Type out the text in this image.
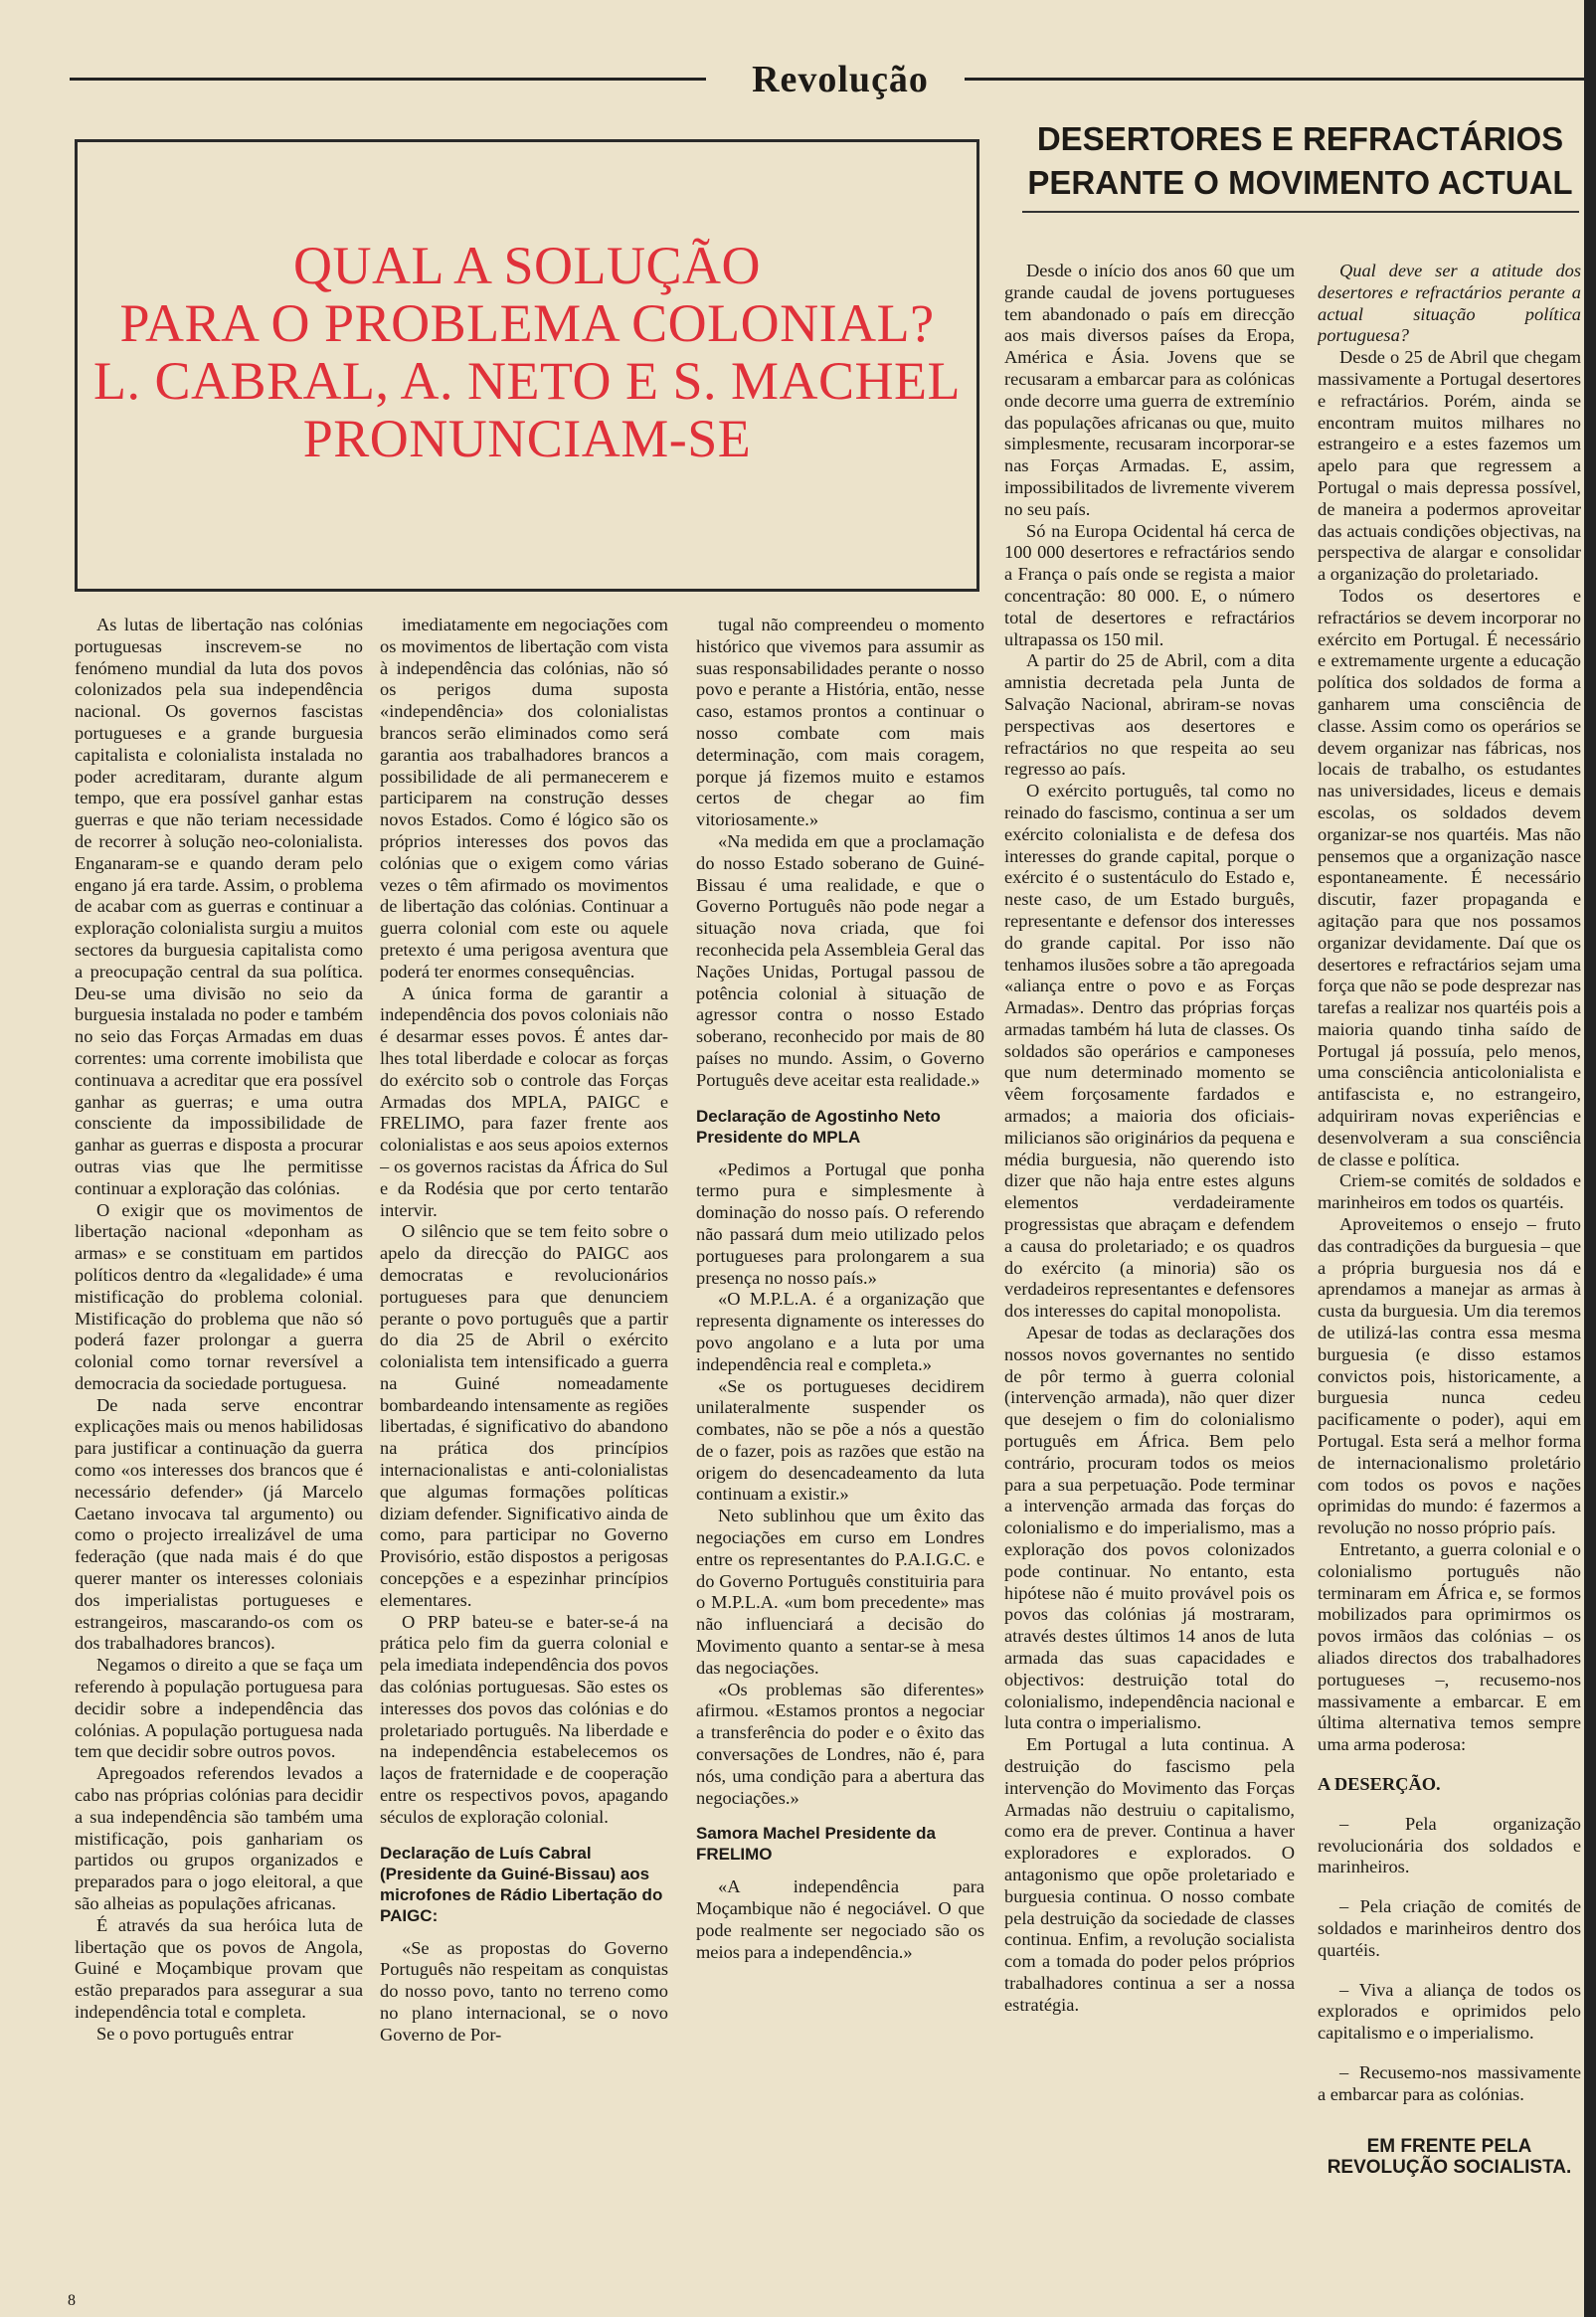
Revolução
QUAL A SOLUÇÃO
PARA O PROBLEMA COLONIAL?
L. CABRAL, A. NETO E S. MACHEL
PRONUNCIAM-SE
DESERTORES E REFRACTÁRIOS
PERANTE O MOVIMENTO ACTUAL

As lutas de libertação nas colónias portuguesas inscrevem-se no fenómeno mundial da luta dos povos colonizados pela sua independência nacional. Os governos fascistas portugueses e a grande burguesia capitalista e colonialista instalada no poder acreditaram, durante algum tempo, que era possível ganhar estas guerras e que não teriam necessidade de recorrer à solução neo-colonialista. Enganaram-se e quando deram pelo engano já era tarde. Assim, o problema de acabar com as guerras e continuar a exploração colonialista surgiu a muitos sectores da burguesia capitalista como a preocupação central da sua política. Deu-se uma divisão no seio da burguesia instalada no poder e também no seio das Forças Armadas em duas correntes: uma corrente imobilista que continuava a acreditar que era possível ganhar as guerras; e uma outra consciente da impossibilidade de ganhar as guerras e disposta a procurar outras vias que lhe permitisse continuar a exploração das colónias.

O exigir que os movimentos de libertação nacional «deponham as armas» e se constituam em partidos políticos dentro da «legalidade» é uma mistificação do problema colonial. Mistificação do problema que não só poderá fazer prolongar a guerra colonial como tornar reversível a democracia da sociedade portuguesa.

De nada serve encontrar explicações mais ou menos habilidosas para justificar a continuação da guerra como «os interesses dos brancos que é necessário defender» (já Marcelo Caetano invocava tal argumento) ou como o projecto irrealizável de uma federação (que nada mais é do que querer manter os interesses coloniais dos imperialistas portugueses e estrangeiros, mascarando-os com os dos trabalhadores brancos).

Negamos o direito a que se faça um referendo à população portuguesa para decidir sobre a independência das colónias. A população portuguesa nada tem que decidir sobre outros povos.

Apregoados referendos levados a cabo nas próprias colónias para decidir a sua independência são também uma mistificação, pois ganhariam os partidos ou grupos organizados e preparados para o jogo eleitoral, a que são alheias as populações africanas.

É através da sua heróica luta de libertação que os povos de Angola, Guiné e Moçambique provam que estão preparados para assegurar a sua independência total e completa.

Se o povo português entrar

imediatamente em negociações com os movimentos de libertação com vista à independência das colónias, não só os perigos duma suposta «independência» dos colonialistas brancos serão eliminados como será garantia aos trabalhadores brancos a possibilidade de ali permanecerem e participarem na construção desses novos Estados. Como é lógico são os próprios interesses dos povos das colónias que o exigem como várias vezes o têm afirmado os movimentos de libertação das colónias. Continuar a guerra colonial com este ou aquele pretexto é uma perigosa aventura que poderá ter enormes consequências.

A única forma de garantir a independência dos povos coloniais não é desarmar esses povos. É antes dar-lhes total liberdade e colocar as forças do exército sob o controle das Forças Armadas dos MPLA, PAIGC e FRELIMO, para fazer frente aos colonialistas e aos seus apoios externos – os governos racistas da África do Sul e da Rodésia que por certo tentarão intervir.

O silêncio que se tem feito sobre o apelo da direcção do PAIGC aos democratas e revolucionários portugueses para que denunciem perante o povo português que a partir do dia 25 de Abril o exército colonialista tem intensificado a guerra na Guiné nomeadamente bombardeando intensamente as regiões libertadas, é significativo do abandono na prática dos princípios internacionalistas e anti-colonialistas que algumas formações políticas diziam defender. Significativo ainda de como, para participar no Governo Provisório, estão dispostos a perigosas concepções e a espezinhar princípios elementares.

O PRP bateu-se e bater-se-á na prática pelo fim da guerra colonial e pela imediata independência dos povos das colónias portuguesas. São estes os interesses dos povos das colónias e do proletariado português. Na liberdade e na independência estabelecemos os laços de fraternidade e de cooperação entre os respectivos povos, apagando séculos de exploração colonial.

Declaração de Luís Cabral (Presidente da Guiné-Bissau) aos microfones de Rádio Libertação do PAIGC:

«Se as propostas do Governo Português não respeitam as conquistas do nosso povo, tanto no terreno como no plano internacional, se o novo Governo de Por-

tugal não compreendeu o momento histórico que vivemos para assumir as suas responsabilidades perante o nosso povo e perante a História, então, nesse caso, estamos prontos a continuar o nosso combate com mais determinação, com mais coragem, porque já fizemos muito e estamos certos de chegar ao fim vitoriosamente.»

«Na medida em que a proclamação do nosso Estado soberano de Guiné-Bissau é uma realidade, e que o Governo Português não pode negar a situação nova criada, que foi reconhecida pela Assembleia Geral das Nações Unidas, Portugal passou de potência colonial à situação de agressor contra o nosso Estado soberano, reconhecido por mais de 80 países no mundo. Assim, o Governo Português deve aceitar esta realidade.»

Declaração de Agostinho Neto Presidente do MPLA

«Pedimos a Portugal que ponha termo pura e simplesmente à dominação do nosso país. O referendo não passará dum meio utilizado pelos portugueses para prolongarem a sua presença no nosso país.»

«O M.P.L.A. é a organização que representa dignamente os interesses do povo angolano e a luta por uma independência real e completa.»

«Se os portugueses decidirem unilateralmente suspender os combates, não se põe a nós a questão de o fazer, pois as razões que estão na origem do desencadeamento da luta continuam a existir.»

Neto sublinhou que um êxito das negociações em curso em Londres entre os representantes do P.A.I.G.C. e do Governo Português constituiria para o M.P.L.A. «um bom precedente» mas não influenciará a decisão do Movimento quanto a sentar-se à mesa das negociações.

«Os problemas são diferentes» afirmou. «Estamos prontos a negociar a transferência do poder e o êxito das conversações de Londres, não é, para nós, uma condição para a abertura das negociações.»

Samora Machel Presidente da FRELIMO

«A independência para Moçambique não é negociável. O que pode realmente ser negociado são os meios para a independência.»

Desde o início dos anos 60 que um grande caudal de jovens portugueses tem abandonado o país em direcção aos mais diversos países da Eropa, América e Ásia. Jovens que se recusaram a embarcar para as colónicas onde decorre uma guerra de extremínio das populações africanas ou que, muito simplesmente, recusaram incorporar-se nas Forças Armadas. E, assim, impossibilitados de livremente viverem no seu país.

Só na Europa Ocidental há cerca de 100 000 desertores e refractários sendo a França o país onde se regista a maior concentração: 80 000. E, o número total de desertores e refractários ultrapassa os 150 mil.

A partir do 25 de Abril, com a dita amnistia decretada pela Junta de Salvação Nacional, abriram-se novas perspectivas aos desertores e refractários no que respeita ao seu regresso ao país.

O exército português, tal como no reinado do fascismo, continua a ser um exército colonialista e de defesa dos interesses do grande capital, porque o exército é o sustentáculo do Estado e, neste caso, de um Estado burguês, representante e defensor dos interesses do grande capital. Por isso não tenhamos ilusões sobre a tão apregoada «aliança entre o povo e as Forças Armadas». Dentro das próprias forças armadas também há luta de classes. Os soldados são operários e camponeses que num determinado momento se vêem forçosamente fardados e armados; a maioria dos oficiais-milicianos são originários da pequena e média burguesia, não querendo isto dizer que não haja entre estes alguns elementos verdadeiramente progressistas que abraçam e defendem a causa do proletariado; e os quadros do exército (a minoria) são os verdadeiros representantes e defensores dos interesses do capital monopolista.

Apesar de todas as declarações dos nossos novos governantes no sentido de pôr termo à guerra colonial (intervenção armada), não quer dizer que desejem o fim do colonialismo português em África. Bem pelo contrário, procuram todos os meios para a sua perpetuação. Pode terminar a intervenção armada das forças do colonialismo e do imperialismo, mas a exploração dos povos colonizados pode continuar. No entanto, esta hipótese não é muito provável pois os povos das colónias já mostraram, através destes últimos 14 anos de luta armada das suas capacidades e objectivos: destruição total do colonialismo, independência nacional e luta contra o imperialismo.

Em Portugal a luta continua. A destruição do fascismo pela intervenção do Movimento das Forças Armadas não destruiu o capitalismo, como era de prever. Continua a haver exploradores e explorados. O antagonismo que opõe proletariado e burguesia continua. O nosso combate pela destruição da sociedade de classes continua. Enfim, a revolução socialista com a tomada do poder pelos próprios trabalhadores continua a ser a nossa estratégia.

Qual deve ser a atitude dos desertores e refractários perante a actual situação política portuguesa?

Desde o 25 de Abril que chegam massivamente a Portugal desertores e refractários. Porém, ainda se encontram muitos milhares no estrangeiro e a estes fazemos um apelo para que regressem a Portugal o mais depressa possível, de maneira a podermos aproveitar das actuais condições objectivas, na perspectiva de alargar e consolidar a organização do proletariado.

Todos os desertores e refractários se devem incorporar no exército em Portugal. É necessário e extremamente urgente a educação política dos soldados de forma a ganharem uma consciência de classe. Assim como os operários se devem organizar nas fábricas, nos locais de trabalho, os estudantes nas universidades, liceus e demais escolas, os soldados devem organizar-se nos quartéis. Mas não pensemos que a organização nasce espontaneamente. É necessário discutir, fazer propaganda e agitação para que nos possamos organizar devidamente. Daí que os desertores e refractários sejam uma força que não se pode desprezar nas tarefas a realizar nos quartéis pois a maioria quando tinha saído de Portugal já possuía, pelo menos, uma consciência anticolonialista e antifascista e, no estrangeiro, adquiriram novas experiências e desenvolveram a sua consciência de classe e política.

Criem-se comités de soldados e marinheiros em todos os quartéis.

Aproveitemos o ensejo – fruto das contradições da burguesia – que a própria burguesia nos dá e aprendamos a manejar as armas à custa da burguesia. Um dia teremos de utilizá-las contra essa mesma burguesia (e disso estamos convictos pois, historicamente, a burguesia nunca cedeu pacificamente o poder), aqui em Portugal. Esta será a melhor forma de internacionalismo proletário com todos os povos e nações oprimidas do mundo: é fazermos a revolução no nosso próprio país.

Entretanto, a guerra colonial e o colonialismo português não terminaram em África e, se formos mobilizados para oprimirmos os povos irmãos das colónias – os aliados directos dos trabalhadores portugueses –, recusemo-nos massivamente a embarcar. E em última alternativa temos sempre uma arma poderosa:

A DESERÇÃO.

– Pela organização revolucionária dos soldados e marinheiros.

– Pela criação de comités de soldados e marinheiros dentro dos quartéis.

– Viva a aliança de todos os explorados e oprimidos pelo capitalismo e o imperialismo.

– Recusemo-nos massivamente a embarcar para as colónias.

EM FRENTE PELA REVOLUÇÃO SOCIALISTA.

8
